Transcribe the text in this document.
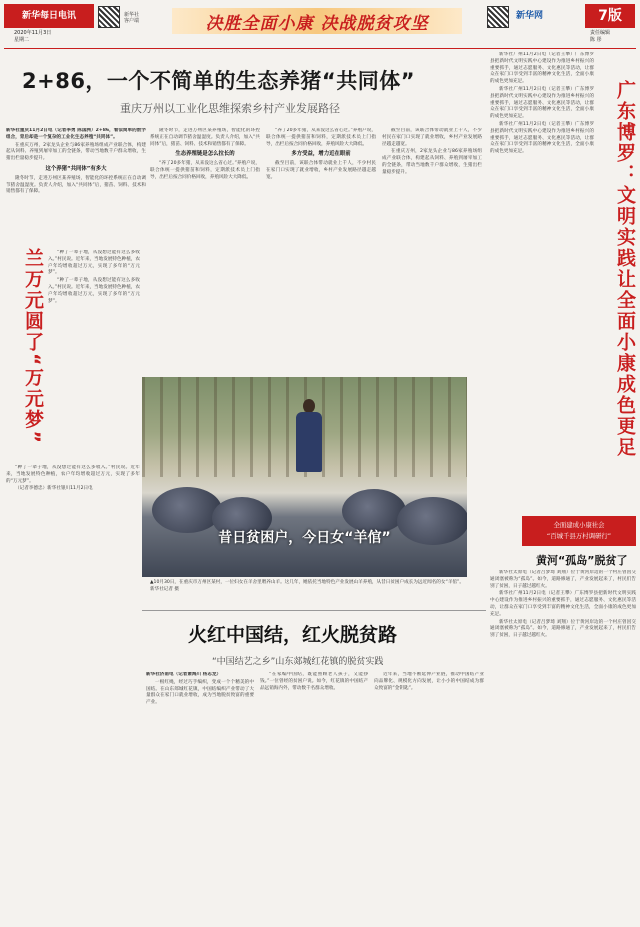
新华每日电讯
2020年11月3日
星期二
新华社
客户端	决胜全面小康 决战脱贫攻坚	新华网	7版
责任编辑
陈 彤
2+86，一个不简单的生态养猪“共同体”
重庆万州以工业化思维探索乡村产业发展路径

新华社重庆11月2日电（记者李勇 陈国洲）2+86，看似简单的数字组合，背后却是一个复杂的工业化生态养殖“共同体”。

在重庆万州，2家龙头企业与86家养殖场组成产业联合体，构建起从饲料、养殖到屠宰加工的全链条，带动当地数千户群众增收，生猪出栏量稳步提升。

这个养猪“共同体”有多大

隆冬时节，走进万州区某养殖场，智能化的环控系统正在自动调节猪舍温湿度。负责人介绍，加入“共同体”后，猪苗、饲料、技术和销售都有了保障。

隆冬时节，走进万州区某养殖场，智能化的环控系统正在自动调节猪舍温湿度。负责人介绍，加入“共同体”后，猪苗、饲料、技术和销售都有了保障。

生态养殖链是怎么拉长的

“养了20多年猪，从来没这么省心过。”养殖户说，联合体统一提供猪苗和饲料，定期派技术员上门指导，出栏后按合同价格回收，养殖风险大大降低。

“养了20多年猪，从来没这么省心过。”养殖户说，联合体统一提供猪苗和饲料，定期派技术员上门指导，出栏后按合同价格回收，养殖风险大大降低。

多方受益，增力近在眼前

截至目前，该联合体带动就业上千人，不少村民在家门口实现了就业增收，乡村产业发展路径越走越宽。

截至目前，该联合体带动就业上千人，不少村民在家门口实现了就业增收，乡村产业发展路径越走越宽。

在重庆万州，2家龙头企业与86家养殖场组成产业联合体，构建起从饲料、养殖到屠宰加工的全链条，带动当地数千户群众增收，生猪出栏量稳步提升。

兰万元圆了“万元梦”	“种了一辈子地，从没想过能有这么多收入。”村民说。近年来，当地发展特色种植，农户年均增收超过万元，实现了多年的“万元梦”。

“种了一辈子地，从没想过能有这么多收入。”村民说。近年来，当地发展特色种植，农户年均增收超过万元，实现了多年的“万元梦”。

“种了一辈子地，从没想过能有这么多收入。”村民说。近年来，当地发展特色种植，农户年均增收超过万元，实现了多年的“万元梦”。

（记者李德忠）新华社银川11月2日电

昔日贫困户，今日女“羊倌”
▲10月30日，在重庆市万州区某村，一位妇女在羊舍里喂养山羊。这几年，她依托当地特色产业发展山羊养殖，从昔日贫困户成长为远近闻名的女“羊倌”。　新华社记者 摄

新华社广州11月2日电（记者王攀）广东博罗县把新时代文明实践中心建设作为推进乡村振兴的重要抓手，通过志愿服务、文化惠民等活动，让群众在家门口享受到丰富的精神文化生活，全面小康的成色更加充足。

新华社广州11月2日电（记者王攀）广东博罗县把新时代文明实践中心建设作为推进乡村振兴的重要抓手，通过志愿服务、文化惠民等活动，让群众在家门口享受到丰富的精神文化生活，全面小康的成色更加充足。

新华社广州11月2日电（记者王攀）广东博罗县把新时代文明实践中心建设作为推进乡村振兴的重要抓手，通过志愿服务、文化惠民等活动，让群众在家门口享受到丰富的精神文化生活，全面小康的成色更加充足。	广东博罗：文明实践让全面小康成色更足
全面建成小康社会
“百城千县万村调研行”
黄河“孤岛”脱贫了

新华社太原电（记者吕梦琦 刘翔）位于黄河岸边的一个村庄曾因交通闭塞被称为“孤岛”。如今，道路修通了，产业发展起来了，村民们告别了贫困，日子越过越红火。

新华社广州11月2日电（记者王攀）广东博罗县把新时代文明实践中心建设作为推进乡村振兴的重要抓手，通过志愿服务、文化惠民等活动，让群众在家门口享受到丰富的精神文化生活，全面小康的成色更加充足。

新华社太原电（记者吕梦琦 刘翔）位于黄河岸边的一个村庄曾因交通闭塞被称为“孤岛”。如今，道路修通了，产业发展起来了，村民们告别了贫困，日子越过越红火。

火红中国结，红火脱贫路
“中国结艺之乡”山东郯城红花镇的脱贫实践

新华社济南电（记者萧海川 杨志龙）

一根红绳，经过巧手编织，变成一个个精美的中国结。在山东郯城红花镇，中国结编织产业带动了大量群众在家门口就业增收，成为当地脱贫致富的重要产业。

“在家编中国结，既能照顾老人孩子，又能挣钱。”一位曾经的贫困户说。如今，红花镇的中国结产品远销海内外，带动数千名群众增收。

近年来，当地不断延伸产业链，推动中国结产业向品牌化、规模化方向发展，让小小的中国结成为群众致富的“金钥匙”。
